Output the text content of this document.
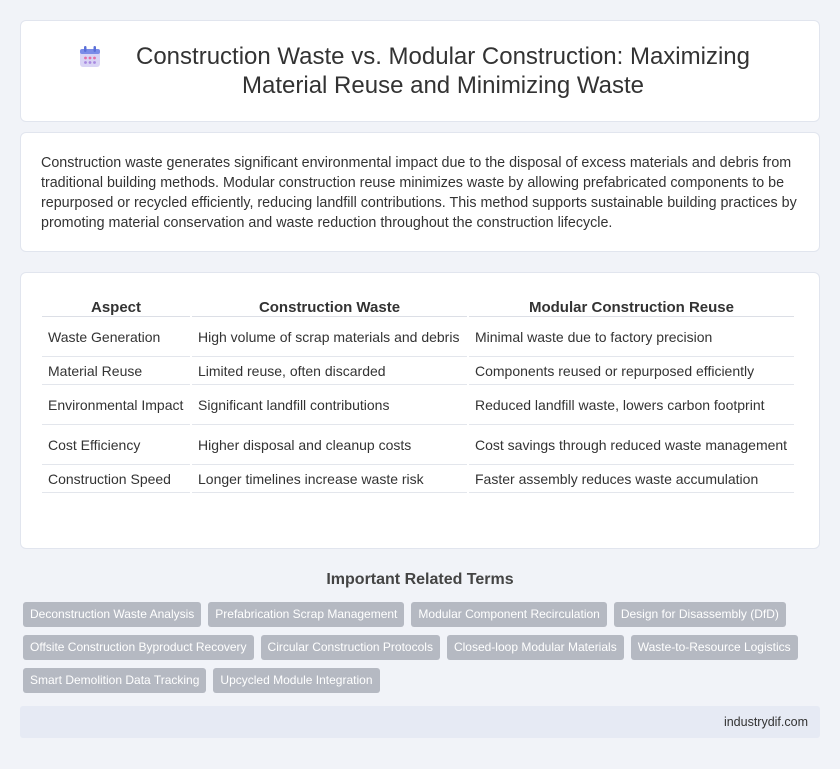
Construction Waste vs. Modular Construction: Maximizing Material Reuse and Minimizing Waste

Construction waste generates significant environmental impact due to the disposal of excess materials and debris from traditional building methods. Modular construction reuse minimizes waste by allowing prefabricated components to be repurposed or recycled efficiently, reducing landfill contributions. This method supports sustainable building practices by promoting material conservation and waste reduction throughout the construction lifecycle.

Aspect	Construction Waste	Modular Construction Reuse
Waste Generation	High volume of scrap materials and debris	Minimal waste due to factory precision
Material Reuse	Limited reuse, often discarded	Components reused or repurposed efficiently
Environmental Impact	Significant landfill contributions	Reduced landfill waste, lowers carbon footprint
Cost Efficiency	Higher disposal and cleanup costs	Cost savings through reduced waste management
Construction Speed	Longer timelines increase waste risk	Faster assembly reduces waste accumulation
Important Related Terms
Deconstruction Waste Analysis	Prefabrication Scrap Management	Modular Component Recirculation	Design for Disassembly (DfD)
Offsite Construction Byproduct Recovery	Circular Construction Protocols	Closed-loop Modular Materials	Waste-to-Resource Logistics
Smart Demolition Data Tracking	Upcycled Module Integration
industrydif.com
